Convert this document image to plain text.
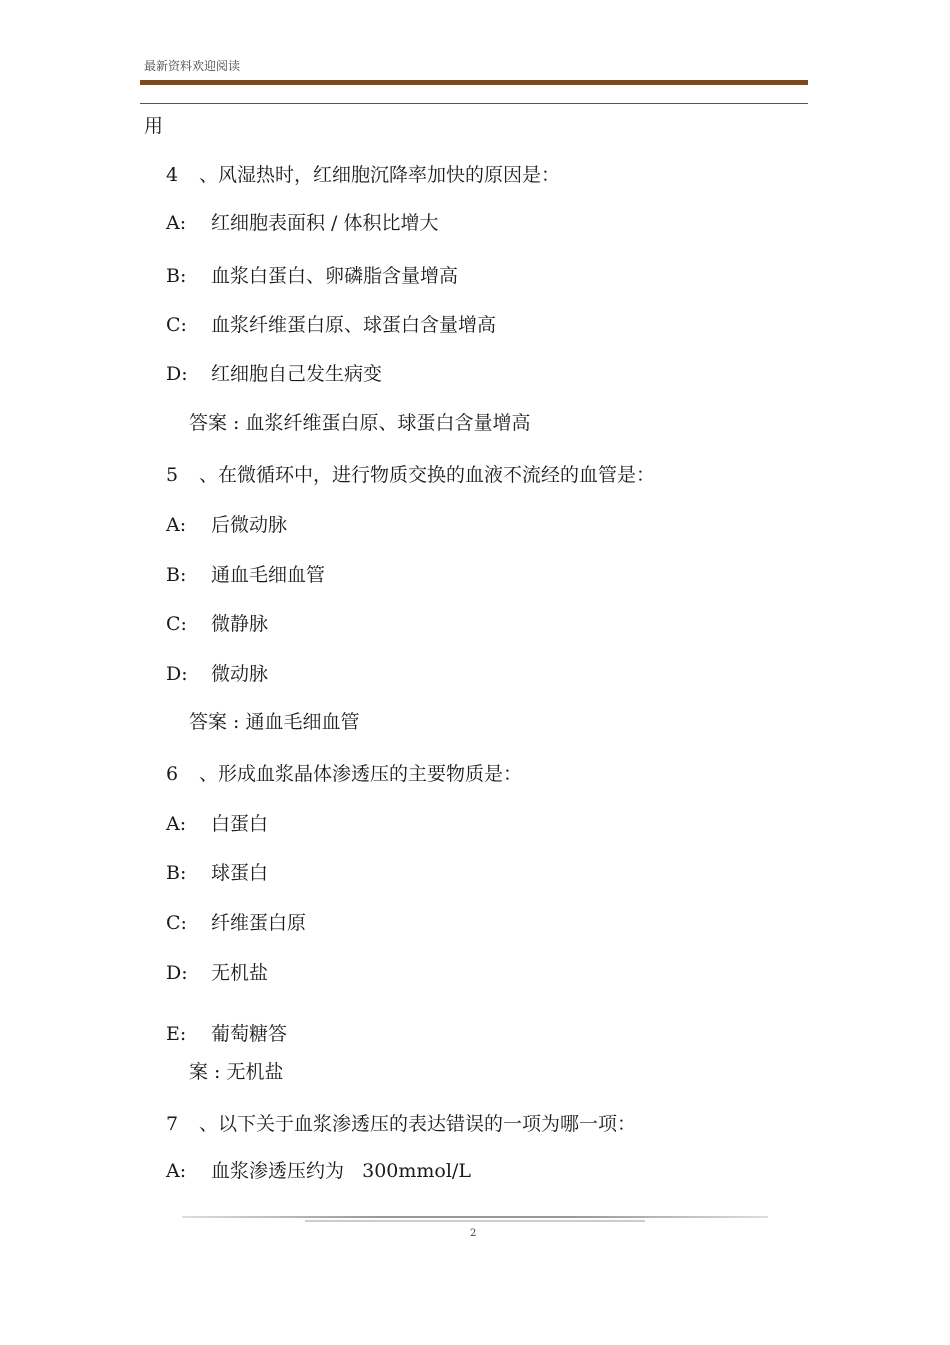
最新资料欢迎阅读
用
4 、风湿热时，红细胞沉降率加快的原因是：
A: 红细胞表面积 / 体积比增大
B: 血浆白蛋白、卵磷脂含量增高
C: 血浆纤维蛋白原、球蛋白含量增高
D: 红细胞自己发生病变
答案 : 血浆纤维蛋白原、球蛋白含量增高
5 、在微循环中，进行物质交换的血液不流经的血管是：
A: 后微动脉
B: 通血毛细血管
C: 微静脉
D: 微动脉
答案 : 通血毛细血管
6 、形成血浆晶体渗透压的主要物质是：
A: 白蛋白
B: 球蛋白
C: 纤维蛋白原
D: 无机盐
E: 葡萄糖答
案 : 无机盐
7 、以下关于血浆渗透压的表达错误的一项为哪一项：
A: 血浆渗透压约为   300mmol/L
2
